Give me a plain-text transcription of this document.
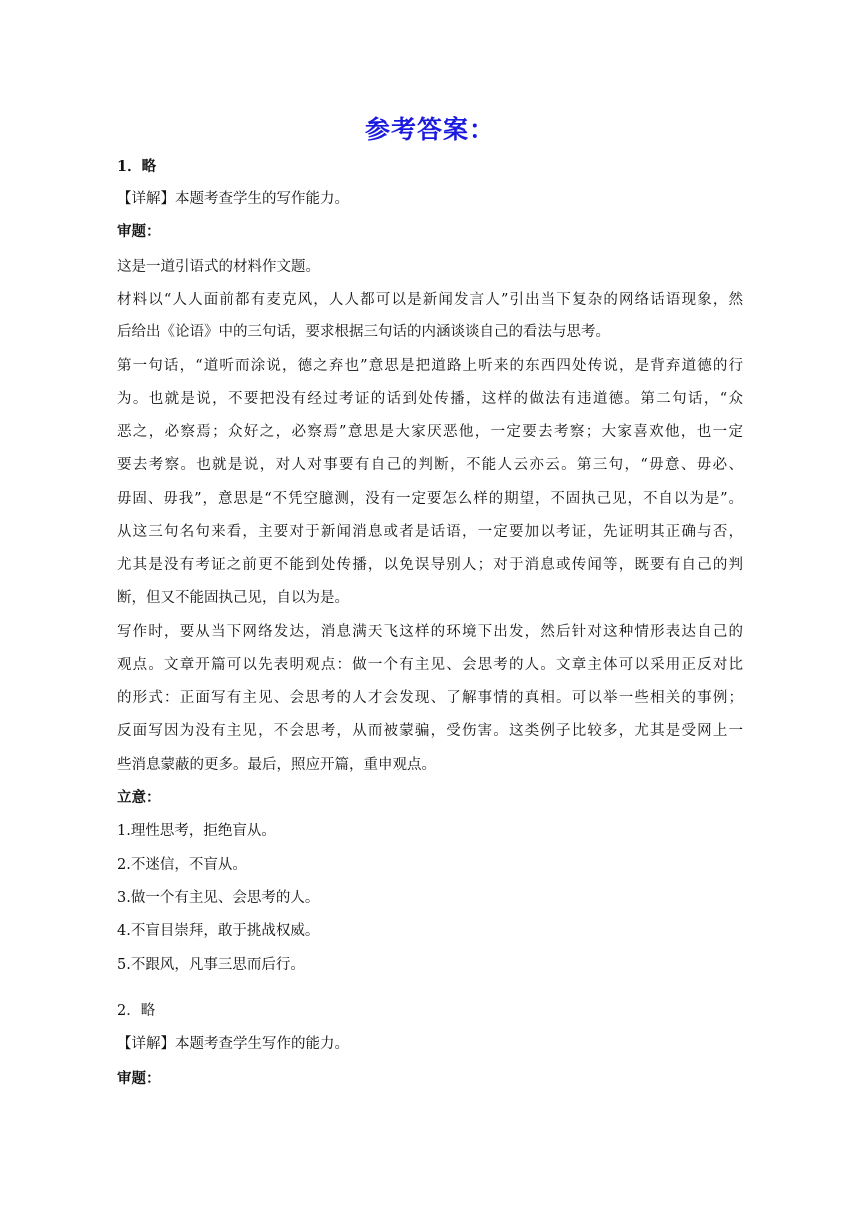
参考答案：
1．略
【详解】本题考查学生的写作能力。
审题：
这是一道引语式的材料作文题。
材料以“人人面前都有麦克风，人人都可以是新闻发言人”引出当下复杂的网络话语现象，然
后给出《论语》中的三句话，要求根据三句话的内涵谈谈自己的看法与思考。
第一句话，“道听而涂说，德之弃也”意思是把道路上听来的东西四处传说，是背弃道德的行
为。也就是说，不要把没有经过考证的话到处传播，这样的做法有违道德。第二句话，“众
恶之，必察焉；众好之，必察焉”意思是大家厌恶他，一定要去考察；大家喜欢他，也一定
要去考察。也就是说，对人对事要有自己的判断，不能人云亦云。第三句，“毋意、毋必、
毋固、毋我”，意思是“不凭空臆测，没有一定要怎么样的期望，不固执己见，不自以为是”。
从这三句名句来看，主要对于新闻消息或者是话语，一定要加以考证，先证明其正确与否，
尤其是没有考证之前更不能到处传播，以免误导别人；对于消息或传闻等，既要有自己的判
断，但又不能固执己见，自以为是。
写作时，要从当下网络发达，消息满天飞这样的环境下出发，然后针对这种情形表达自己的
观点。文章开篇可以先表明观点：做一个有主见、会思考的人。文章主体可以采用正反对比
的形式：正面写有主见、会思考的人才会发现、了解事情的真相。可以举一些相关的事例；
反面写因为没有主见，不会思考，从而被蒙骗，受伤害。这类例子比较多，尤其是受网上一
些消息蒙蔽的更多。最后，照应开篇，重申观点。
立意：
1.理性思考，拒绝盲从。
2.不迷信，不盲从。
3.做一个有主见、会思考的人。
4.不盲目崇拜，敢于挑战权威。
5.不跟风，凡事三思而后行。
2．略
【详解】本题考查学生写作的能力。
审题：
